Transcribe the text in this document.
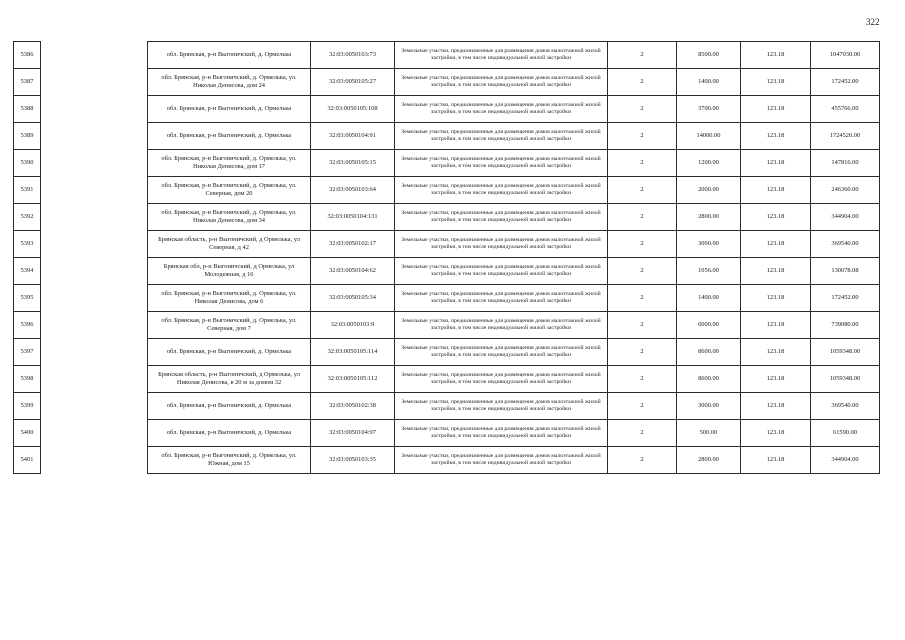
322
5386		обл. Брянская, р-н Выгоничский, д. Ормелька	32:03:0050103:73	Земельные участки, предназначенные для размещения домов малоэтажной жилой застройки, в том числе индивидуальной жилой застройки	2	8500.00	123.18	1047030.00
5387		обл. Брянская, р-н Выгоничский, д. Ормелька, ул. Николая Денисова, дом 24	32:03:0050105:27	Земельные участки, предназначенные для размещения домов малоэтажной жилой застройки, в том числе индивидуальной жилой застройки	2	1400.00	123.18	172452.00
5388		обл. Брянская, р-н Выгоничский, д. Ормелька	32:03:0050105:108	Земельные участки, предназначенные для размещения домов малоэтажной жилой застройки, в том числе индивидуальной жилой застройки	2	3700.00	123.18	455766.00
5389		обл. Брянская, р-н Выгоничский, д. Ормелька	32:03:0050104:91	Земельные участки, предназначенные для размещения домов малоэтажной жилой застройки, в том числе индивидуальной жилой застройки	2	14000.00	123.18	1724520.00
5390		обл. Брянская, р-н Выгоничский, д. Ормелька, ул. Николая Денисова, дом 17	32:03:0050105:15	Земельные участки, предназначенные для размещения домов малоэтажной жилой застройки, в том числе индивидуальной жилой застройки	2	1200.00	123.18	147816.00
5391		обл. Брянская, р-н Выгоничский, д. Ормелька, ул. Северная, дом 20	32:03:0050103:64	Земельные участки, предназначенные для размещения домов малоэтажной жилой застройки, в том числе индивидуальной жилой застройки	2	2000.00	123.18	246360.00
5392		обл. Брянская, р-н Выгоничский, д. Ормелька, ул. Николая Денисова, дом 34	32:03:0050104:131	Земельные участки, предназначенные для размещения домов малоэтажной жилой застройки, в том числе индивидуальной жилой застройки	2	2800.00	123.18	344904.00
5393		Брянская область, р-н Выгоничский, д Ормелька, ул Северная, д 42	32:03:0050102:17	Земельные участки, предназначенные для размещения домов малоэтажной жилой застройки, в том числе индивидуальной жилой застройки	2	3000.00	123.18	369540.00
5394		Брянская обл, р-н Выгоничский, д Ормелька, ул Молодежная, д 16	32:03:0050104:62	Земельные участки, предназначенные для размещения домов малоэтажной жилой застройки, в том числе индивидуальной жилой застройки	2	1056.00	123.18	130078.08
5395		обл. Брянская, р-н Выгоничский, д. Ормелька, ул. Николая Денисова, дом 6	32:03:0050105:34	Земельные участки, предназначенные для размещения домов малоэтажной жилой застройки, в том числе индивидуальной жилой застройки	2	1400.00	123.18	172452.00
5396		обл. Брянская, р-н Выгоничский, д. Ормелька, ул. Северная, дом 7	32:03:0050103:9	Земельные участки, предназначенные для размещения домов малоэтажной жилой застройки, в том числе индивидуальной жилой застройки	2	6000.00	123.18	739080.00
5397		обл. Брянская, р-н Выгоничский, д. Ормелька	32:03:0050105:114	Земельные участки, предназначенные для размещения домов малоэтажной жилой застройки, в том числе индивидуальной жилой застройки	2	8600.00	123.18	1059348.00
5398		Брянская область, р-н Выгоничский, д Ормелька, ул Николая Денисова, в 20 м за домом 32	32:03:0050105:112	Земельные участки, предназначенные для размещения домов малоэтажной жилой застройки, в том числе индивидуальной жилой застройки	2	8600.00	123.18	1059348.00
5399		обл. Брянская, р-н Выгоничский, д. Ормелька	32:03:0050102:38	Земельные участки, предназначенные для размещения домов малоэтажной жилой застройки, в том числе индивидуальной жилой застройки	2	3000.00	123.18	369540.00
5400		обл. Брянская, р-н Выгоничский, д. Ормелька	32:03:0050104:97	Земельные участки, предназначенные для размещения домов малоэтажной жилой застройки, в том числе индивидуальной жилой застройки	2	500.00	123.18	61590.00
5401		обл. Брянская, р-н Выгоничский, д. Ормелька, ул. Южная, дом 15	32:03:0050103:35	Земельные участки, предназначенные для размещения домов малоэтажной жилой застройки, в том числе индивидуальной жилой застройки	2	2800.00	123.18	344904.00
